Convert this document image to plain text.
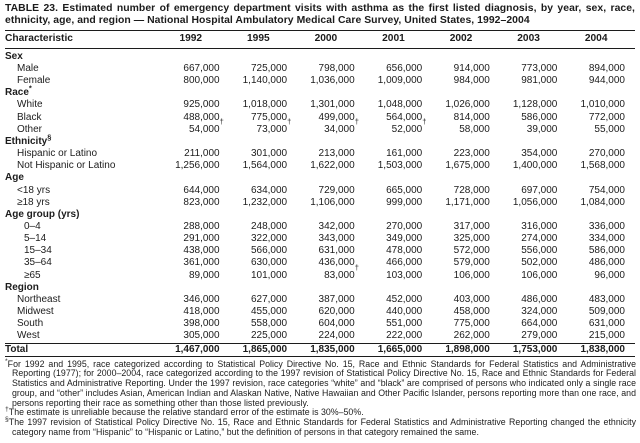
TABLE 23. Estimated number of emergency department visits with asthma as the first listed diagnosis, by year, sex, race, ethnicity, age, and region — National Hospital Ambulatory Medical Care Survey, United States, 1992–2004
Characteristic	1992	1995	2000	2001	2002	2003	2004
Sex							
Male	667,000	725,000	798,000	656,000	914,000	773,000	894,000
Female	800,000	1,140,000	1,036,000	1,009,000	984,000	981,000	944,000
Race*							
White	925,000	1,018,000	1,301,000	1,048,000	1,026,000	1,128,000	1,010,000
Black	488,000	775,000	499,000	564,000	814,000	586,000	772,000
Other	54,000†	73,000†	34,000†	52,000†	58,000	39,000	55,000
Ethnicity§							
Hispanic or Latino	211,000	301,000	213,000	161,000	223,000	354,000	270,000
Not Hispanic or Latino	1,256,000	1,564,000	1,622,000	1,503,000	1,675,000	1,400,000	1,568,000
Age							
<18 yrs	644,000	634,000	729,000	665,000	728,000	697,000	754,000
≥18 yrs	823,000	1,232,000	1,106,000	999,000	1,171,000	1,056,000	1,084,000
Age group (yrs)							
0–4	288,000	248,000	342,000	270,000	317,000	316,000	336,000
5–14	291,000	322,000	343,000	349,000	325,000	274,000	334,000
15–34	438,000	566,000	631,000	478,000	572,000	556,000	586,000
35–64	361,000	630,000	436,000	466,000	579,000	502,000	486,000
≥65	89,000	101,000	83,000†	103,000	106,000	106,000	96,000
Region							
Northeast	346,000	627,000	387,000	452,000	403,000	486,000	483,000
Midwest	418,000	455,000	620,000	440,000	458,000	324,000	509,000
South	398,000	558,000	604,000	551,000	775,000	664,000	631,000
West	305,000	225,000	224,000	222,000	262,000	279,000	215,000
Total	1,467,000	1,865,000	1,835,000	1,665,000	1,898,000	1,753,000	1,838,000
*For 1992 and 1995, race categorized according to Statistical Policy Directive No. 15, Race and Ethnic Standards for Federal Statistics and Administrative Reporting (1977); for 2000–2004, race categorized according to the 1997 revision of Statistical Policy Directive No. 15, Race and Ethnic Standards for Federal Statistics and Administrative Reporting. Under the 1997 revision, race categories “white” and “black” are comprised of persons who indicated only a single race group, and “other” includes Asian, American Indian and Alaskan Native, Native Hawaiian and Other Pacific Islander, persons reporting more than one race, and persons reporting their race as something other than those listed previously.
†The estimate is unreliable because the relative standard error of the estimate is 30%–50%.
§The 1997 revision of Statistical Policy Directive No. 15, Race and Ethnic Standards for Federal Statistics and Administrative Reporting changed the ethnicity category name from “Hispanic” to “Hispanic or Latino,” but the definition of persons in that category remained the same.
